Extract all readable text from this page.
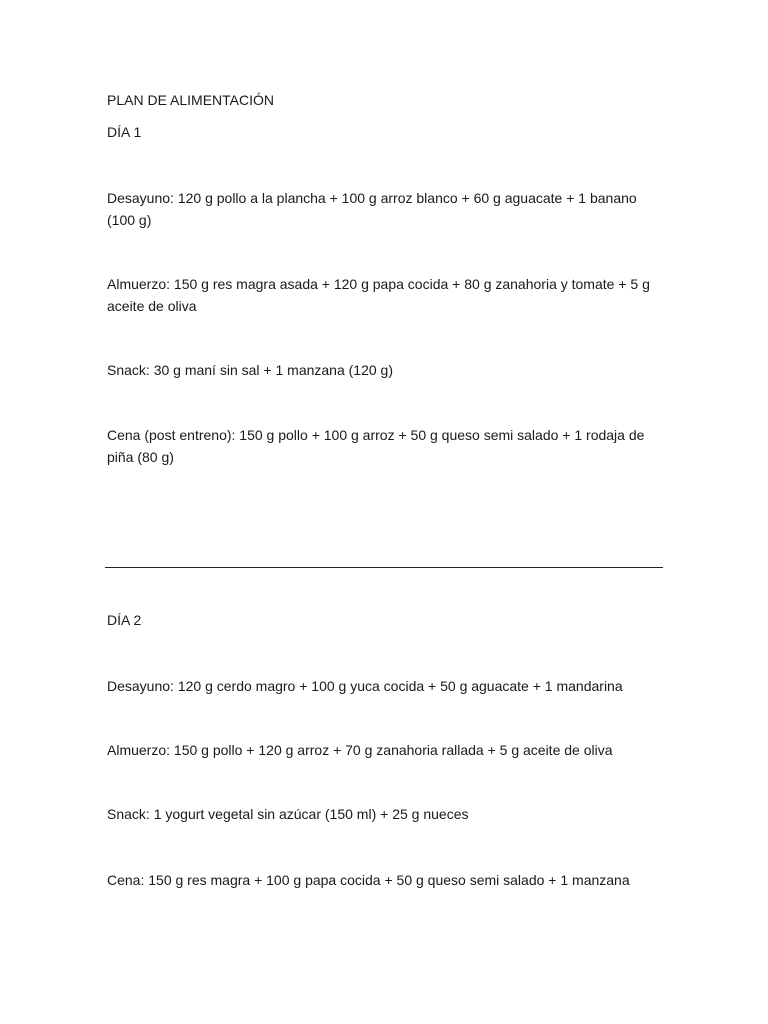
PLAN DE ALIMENTACIÓN

DÍA 1

Desayuno: 120 g pollo a la plancha + 100 g arroz blanco + 60 g aguacate + 1 banano (100 g)

Almuerzo: 150 g res magra asada + 120 g papa cocida + 80 g zanahoria y tomate + 5 g aceite de oliva

Snack: 30 g maní sin sal + 1 manzana (120 g)

Cena (post entreno): 150 g pollo + 100 g arroz + 50 g queso semi salado + 1 rodaja de piña (80 g)

DÍA 2

Desayuno: 120 g cerdo magro + 100 g yuca cocida + 50 g aguacate + 1 mandarina

Almuerzo: 150 g pollo + 120 g arroz + 70 g zanahoria rallada + 5 g aceite de oliva

Snack: 1 yogurt vegetal sin azúcar (150 ml) + 25 g nueces

Cena: 150 g res magra + 100 g papa cocida + 50 g queso semi salado + 1 manzana
